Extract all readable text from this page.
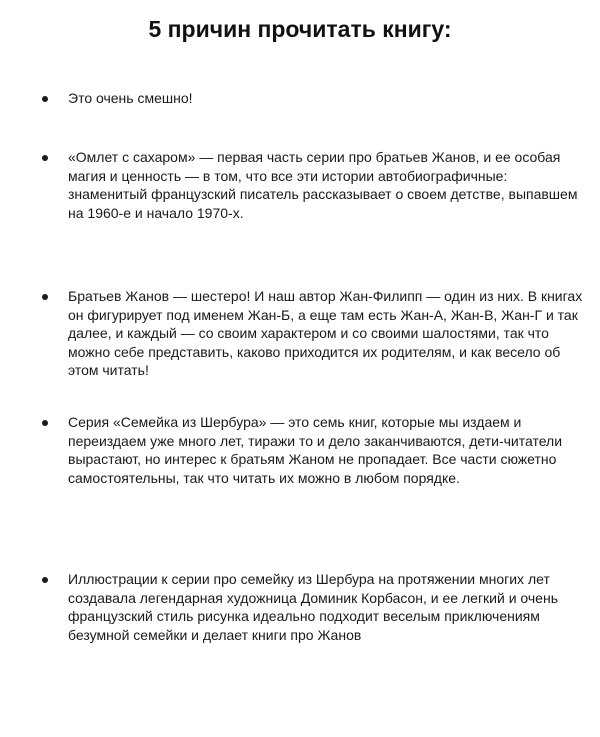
5 причин прочитать книгу:
Это очень смешно!
«Омлет с сахаром» — первая часть серии про братьев Жанов, и ее особая магия и ценность — в том, что все эти истории автобиографичные: знаменитый французский писатель рассказывает о своем детстве, выпавшем на 1960-е и начало 1970-х.
Братьев Жанов — шестеро! И наш автор Жан-Филипп — один из них. В книгах он фигурирует под именем Жан-Б, а еще там есть Жан-А, Жан-В, Жан-Г и так далее, и каждый — со своим характером и со своими шалостями, так что можно себе представить, каково приходится их родителям, и как весело об этом читать!
Серия «Семейка из Шербура» — это семь книг, которые мы издаем и переиздаем уже много лет, тиражи то и дело заканчиваются, дети-читатели вырастают, но интерес к братьям Жаном не пропадает. Все части сюжетно самостоятельны, так что читать их можно в любом порядке.
Иллюстрации к серии про семейку из Шербура на протяжении многих лет создавала легендарная художница Доминик Корбасон, и ее легкий и очень французский стиль рисунка идеально подходит веселым приключениям безумной семейки и делает книги про Жанов
